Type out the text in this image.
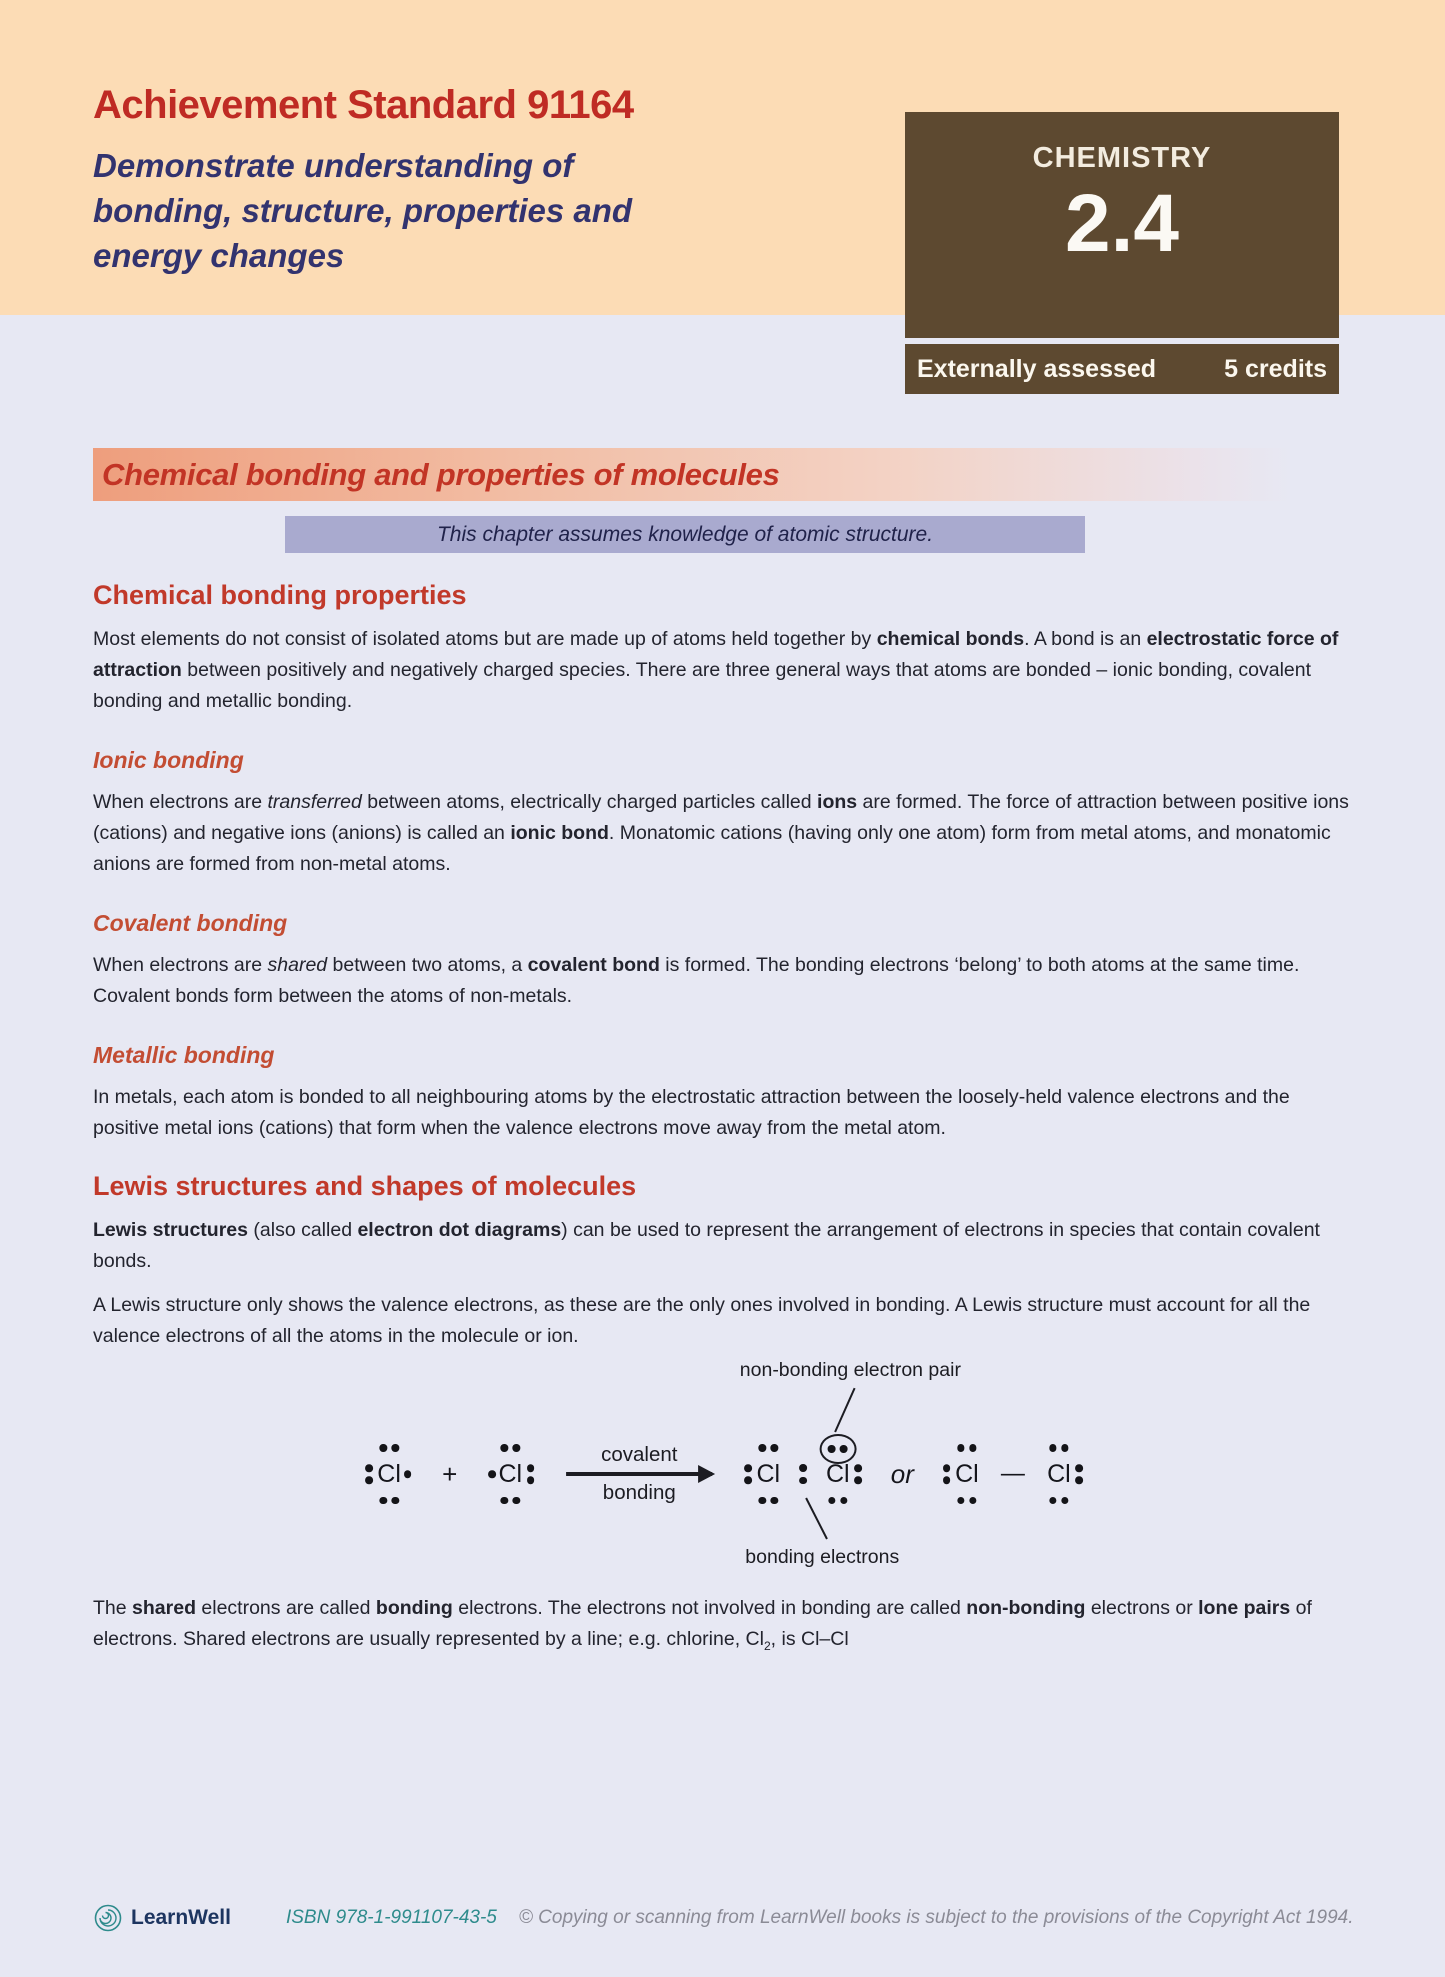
Achievement Standard 91164
Demonstrate understanding of
bonding, structure, properties and
energy changes
CHEMISTRY
2.4
Externally assessed	5 credits
Chemical bonding and properties of molecules
This chapter assumes knowledge of atomic structure.
Chemical bonding properties

Most elements do not consist of isolated atoms but are made up of atoms held together by chemical bonds. A bond is an electrostatic force of attraction between positively and negatively charged species. There are three general ways that atoms are bonded – ionic bonding, covalent bonding and metallic bonding.

Ionic bonding

When electrons are transferred between atoms, electrically charged particles called ions are formed. The force of attraction between positive ions (cations) and negative ions (anions) is called an ionic bond. Monatomic cations (having only one atom) form from metal atoms, and monatomic anions are formed from non-metal atoms.

Covalent bonding

When electrons are shared between two atoms, a covalent bond is formed. The bonding electrons ‘belong’ to both atoms at the same time. Covalent bonds form between the atoms of non-metals.

Metallic bonding

In metals, each atom is bonded to all neighbouring atoms by the electrostatic attraction between the loosely-held valence electrons and the positive metal ions (cations) that form when the valence electrons move away from the metal atom.

Lewis structures and shapes of molecules

Lewis structures (also called electron dot diagrams) can be used to represent the arrangement of electrons in species that contain covalent bonds.

A Lewis structure only shows the valence electrons, as these are the only ones involved in bonding. A Lewis structure must account for all the valence electrons of all the atoms in the molecule or ion.

Cl + Cl
covalent
bonding
Cl
bonding electrons
non-bonding electron pair
Cl or Cl — Cl

The shared electrons are called bonding electrons. The electrons not involved in bonding are called non-bonding electrons or lone pairs of electrons. Shared electrons are usually represented by a line; e.g. chlorine, $Cl_2$, is Cl–Cl

LearnWell	ISBN 978-1-991107-43-5 © Copying or scanning from LearnWell books is subject to the provisions of the Copyright Act 1994.
